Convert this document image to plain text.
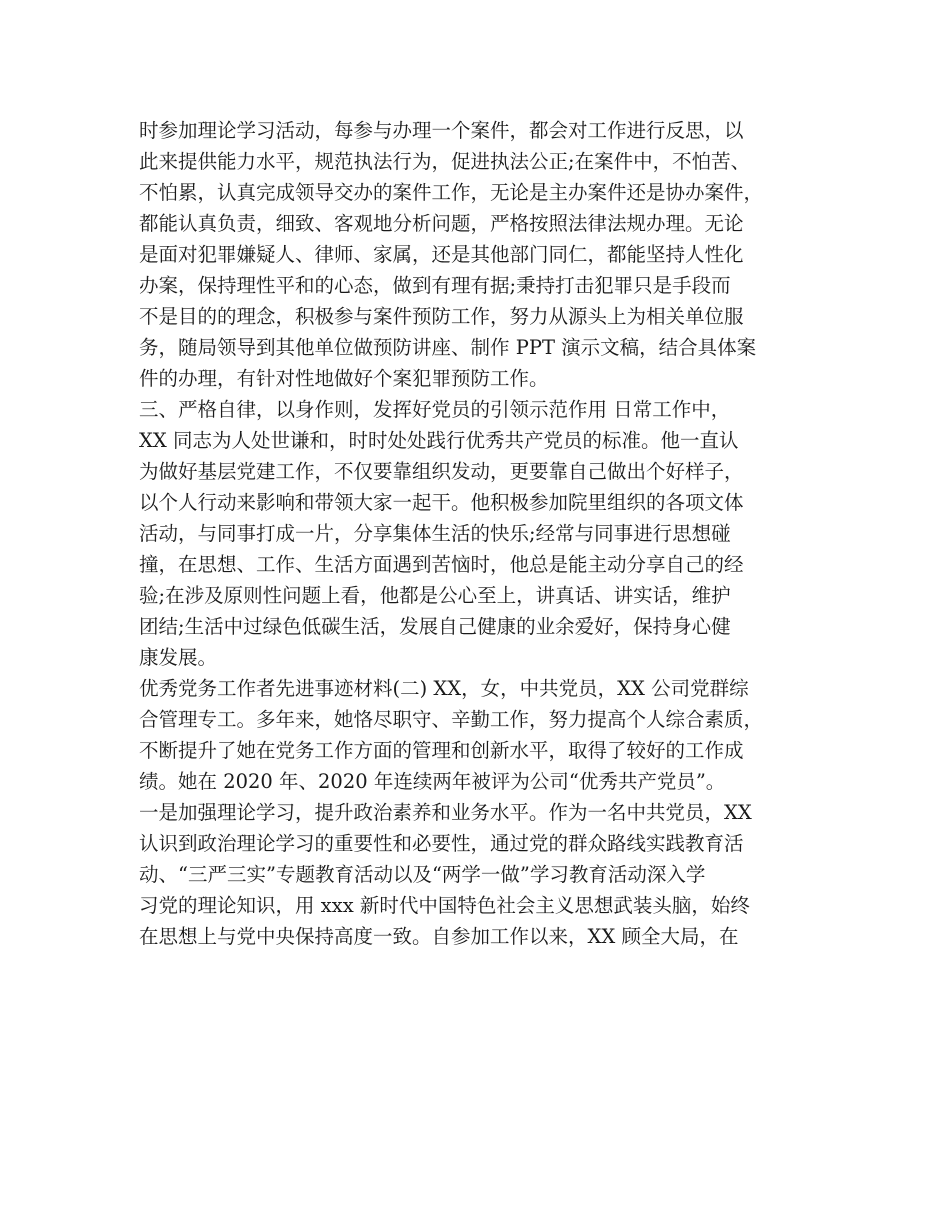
时参加理论学习活动，每参与办理一个案件，都会对工作进行反思，以
此来提供能力水平，规范执法行为，促进执法公正;在案件中，不怕苦、
不怕累，认真完成领导交办的案件工作，无论是主办案件还是协办案件，
都能认真负责，细致、客观地分析问题，严格按照法律法规办理。无论
是面对犯罪嫌疑人、律师、家属，还是其他部门同仁，都能坚持人性化
办案，保持理性平和的心态，做到有理有据;秉持打击犯罪只是手段而
不是目的的理念，积极参与案件预防工作，努力从源头上为相关单位服
务，随局领导到其他单位做预防讲座、制作 PPT 演示文稿，结合具体案
件的办理，有针对性地做好个案犯罪预防工作。
三、严格自律，以身作则，发挥好党员的引领示范作用 日常工作中，
XX 同志为人处世谦和，时时处处践行优秀共产党员的标准。他一直认
为做好基层党建工作，不仅要靠组织发动，更要靠自己做出个好样子，
以个人行动来影响和带领大家一起干。他积极参加院里组织的各项文体
活动，与同事打成一片，分享集体生活的快乐;经常与同事进行思想碰
撞，在思想、工作、生活方面遇到苦恼时，他总是能主动分享自己的经
验;在涉及原则性问题上看，他都是公心至上，讲真话、讲实话，维护
团结;生活中过绿色低碳生活，发展自己健康的业余爱好，保持身心健
康发展。
优秀党务工作者先进事迹材料(二) XX，女，中共党员，XX 公司党群综
合管理专工。多年来，她恪尽职守、辛勤工作，努力提高个人综合素质，
不断提升了她在党务工作方面的管理和创新水平，取得了较好的工作成
绩。她在 2020 年、2020 年连续两年被评为公司“优秀共产党员”。
一是加强理论学习，提升政治素养和业务水平。作为一名中共党员，XX
认识到政治理论学习的重要性和必要性，通过党的群众路线实践教育活
动、“三严三实”专题教育活动以及“两学一做”学习教育活动深入学
习党的理论知识，用 xxx 新时代中国特色社会主义思想武装头脑，始终
在思想上与党中央保持高度一致。自参加工作以来，XX 顾全大局，在
